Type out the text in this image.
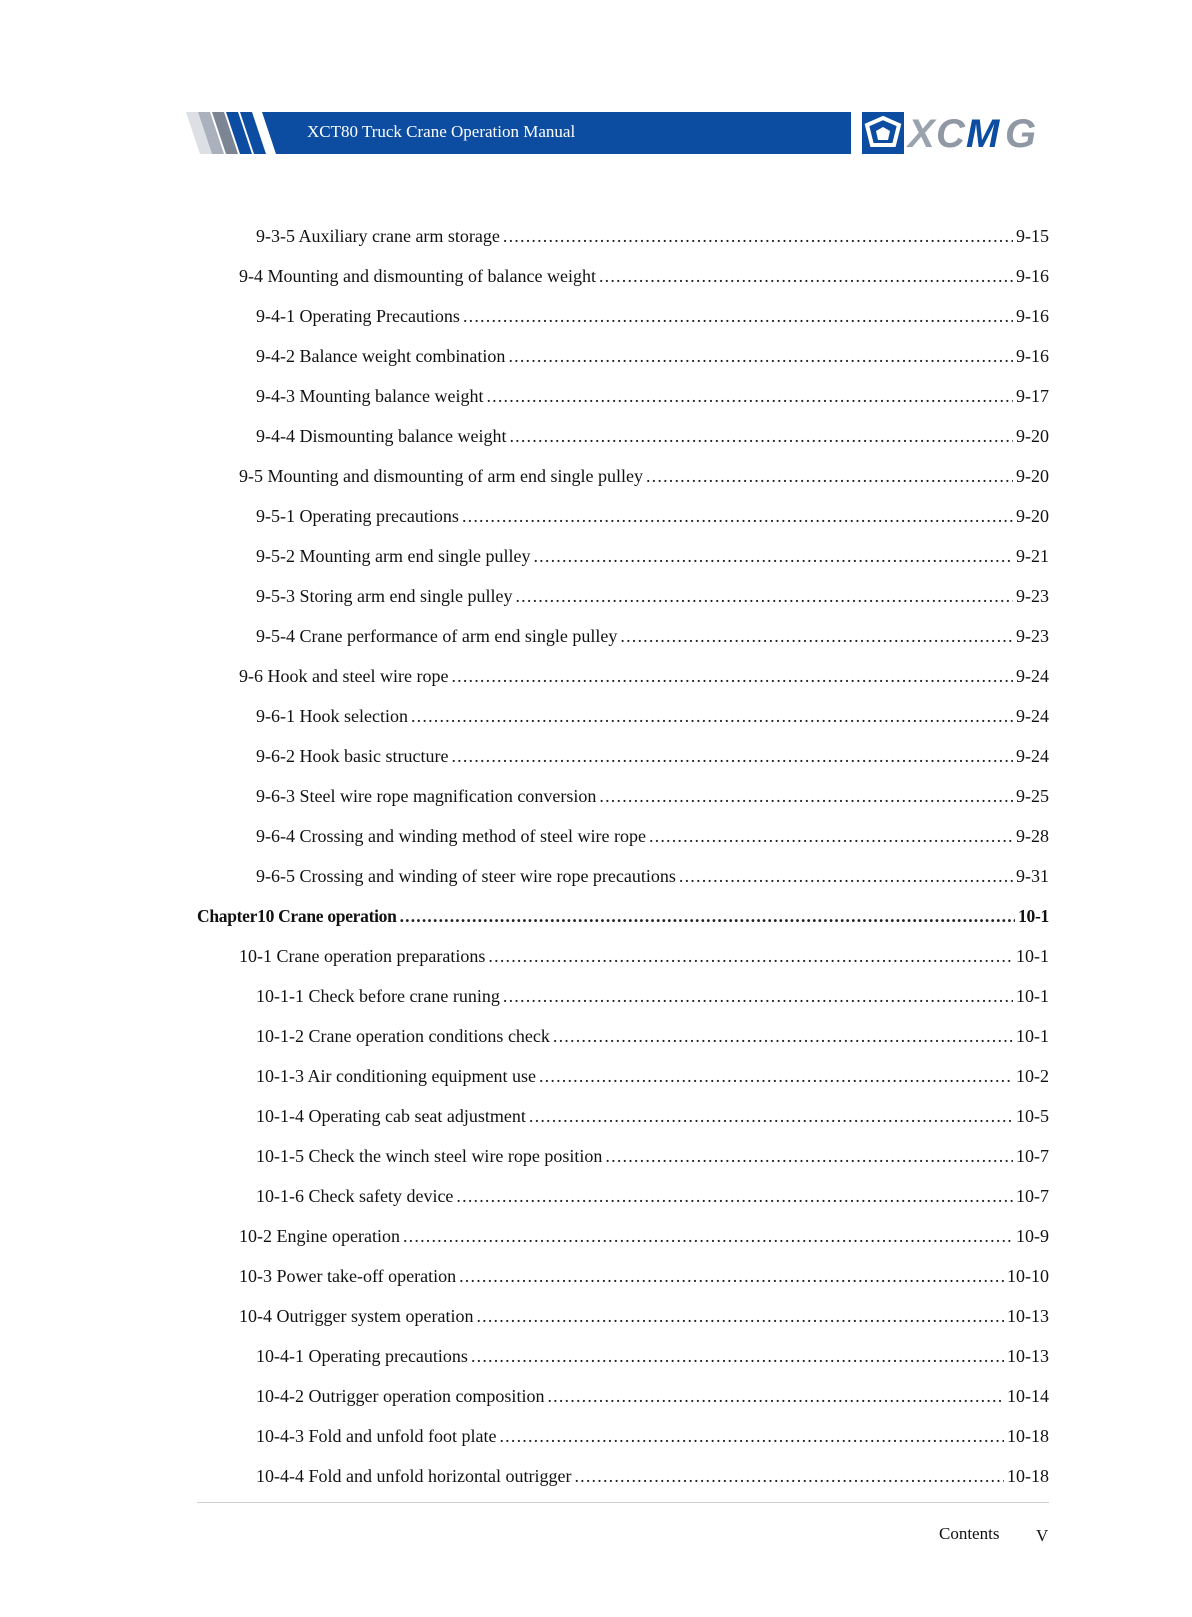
XCT80 Truck Crane Operation Manual	X C M G
9-3-5 Auxiliary crane arm storage .....	9-15
9-4 Mounting and dismounting of balance weight .....	9-16
9-4-1 Operating Precautions .....	9-16
9-4-2 Balance weight combination .....	9-16
9-4-3 Mounting balance weight .....	9-17
9-4-4 Dismounting balance weight .....	9-20
9-5 Mounting and dismounting of arm end single pulley .....	9-20
9-5-1 Operating precautions .....	9-20
9-5-2 Mounting arm end single pulley .....	9-21
9-5-3 Storing arm end single pulley .....	9-23
9-5-4 Crane performance of arm end single pulley .....	9-23
9-6 Hook and steel wire rope .....	9-24
9-6-1 Hook selection .....	9-24
9-6-2 Hook basic structure .....	9-24
9-6-3 Steel wire rope magnification conversion .....	9-25
9-6-4 Crossing and winding method of steel wire rope .....	9-28
9-6-5 Crossing and winding of steer wire rope precautions .....	9-31
Chapter10 Crane operation .....	10-1
10-1 Crane operation preparations .....	10-1
10-1-1 Check before crane runing .....	10-1
10-1-2 Crane operation conditions check .....	10-1
10-1-3 Air conditioning equipment use .....	10-2
10-1-4 Operating cab seat adjustment .....	10-5
10-1-5 Check the winch steel wire rope position .....	10-7
10-1-6 Check safety device .....	10-7
10-2 Engine operation .....	10-9
10-3 Power take-off operation .....	10-10
10-4 Outrigger system operation .....	10-13
10-4-1 Operating precautions .....	10-13
10-4-2 Outrigger operation composition .....	10-14
10-4-3 Fold and unfold foot plate .....	10-18
10-4-4 Fold and unfold horizontal outrigger .....	10-18
Contents V
